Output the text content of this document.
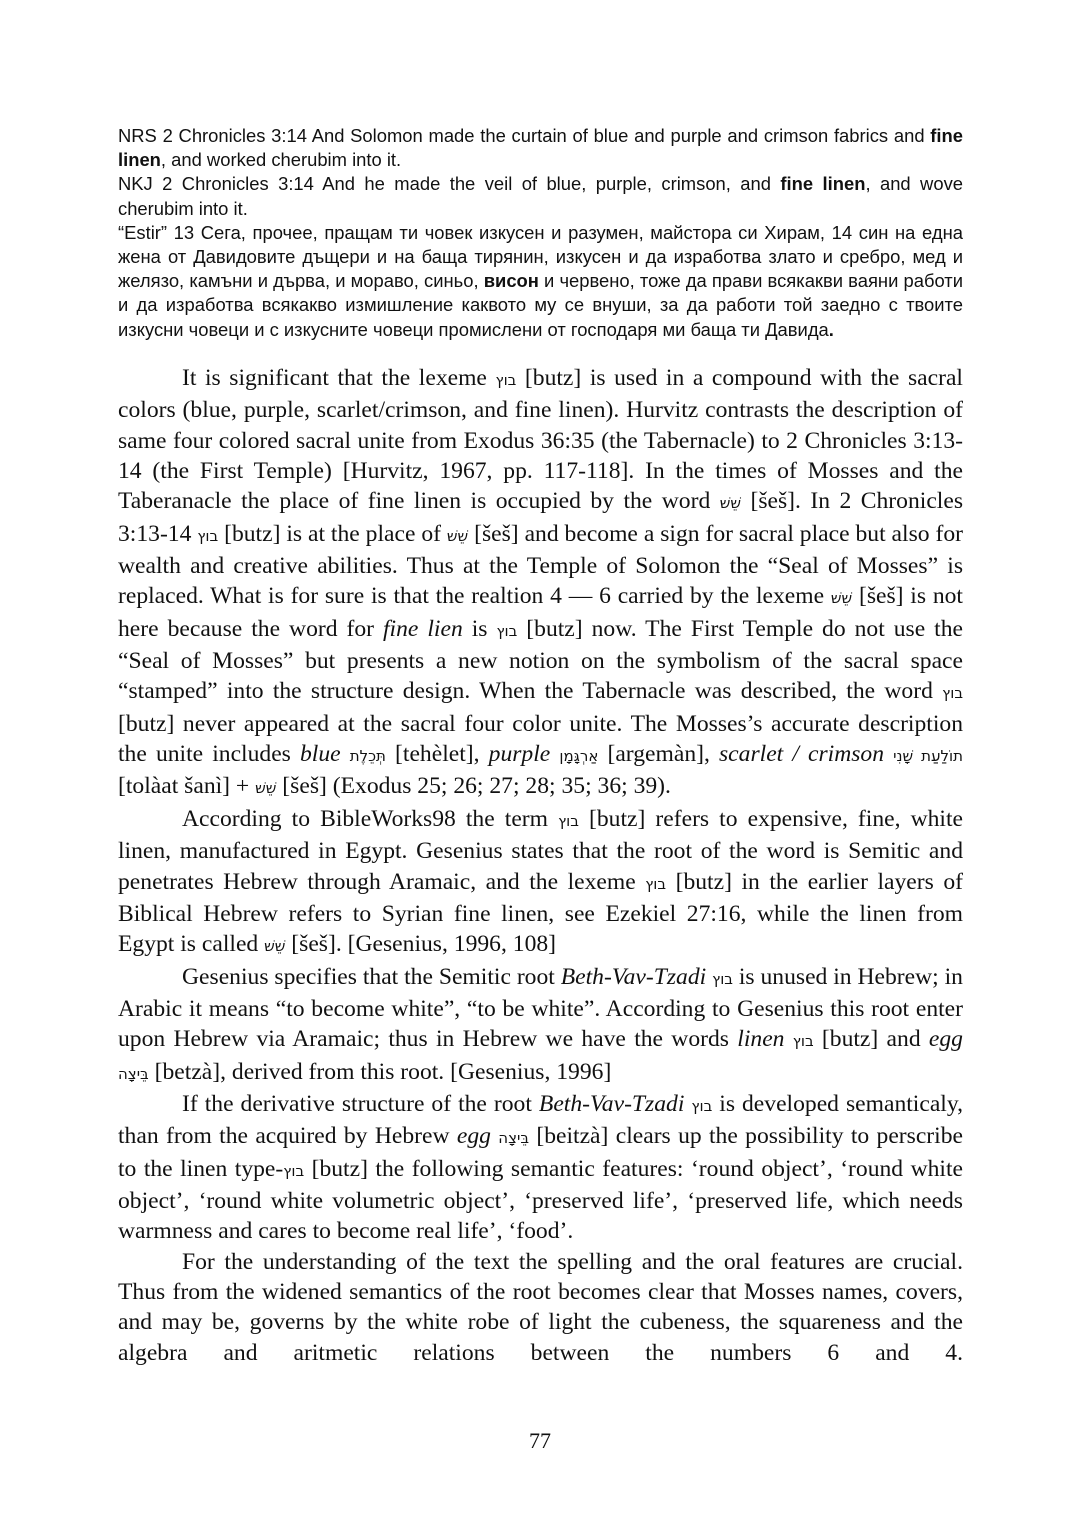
NRS 2 Chronicles 3:14 And Solomon made the curtain of blue and purple and crimson fabrics and fine linen, and worked cherubim into it.

NKJ 2 Chronicles 3:14 And he made the veil of blue, purple, crimson, and fine linen, and wove cherubim into it.

“Estir” 13 Сега, прочее, пращам ти човек изкусен и разумен, майстора си Хирам, 14 син на една жена от Давидовите дъщери и на баща тирянин, изкусен и да изработва злато и сребро, мед и желязо, камъни и дърва, и мораво, синьо, висон и червено, тоже да прави всякакви ваяни работи и да изработва всякакво измишление каквото му се внуши, за да работи той заедно с твоите изкусни човеци и с изкусните човеци промислени от господаря ми баща ти Давида.

It is significant that the lexeme בוץ [butz] is used in a compound with the sacral colors (blue, purple, scarlet/crimson, and fine linen). Hurvitz contrasts the description of same four colored sacral unite from Exodus 36:35 (the Tabernacle) to 2 Chronicles 3:13-14 (the First Temple) [Hurvitz, 1967, pp. 117-118]. In the times of Mosses and the Taberanacle the place of fine linen is occupied by the word שֵׁשׁ [šeš]. In 2 Chronicles 3:13-14 בוץ [butz] is at the place of שֵׁשׁ [šeš] and become a sign for sacral place but also for wealth and creative abilities. Thus at the Temple of Solomon the “Seal of Mosses” is replaced. What is for sure is that the realtion 4 — 6 carried by the lexeme שֵׁשׁ [šeš] is not here because the word for fine lien is בוץ [butz] now. The First Temple do not use the “Seal of Mosses” but presents a new notion on the symbolism of the sacral space “stamped” into the structure design. When the Tabernacle was described, the word בוץ [butz] never appeared at the sacral four color unite. The Mosses’s accurate description the unite includes blue תְּכֵלֶת [tehèlet], purple אַרְגָּמָן [argemàn], scarlet / crimson תוֹלַעַת שָׁנִי [tolàat šanì] + שֵׁשׁ [šeš] (Exodus 25; 26; 27; 28; 35; 36; 39).

According to BibleWorks98 the term בוץ [butz] refers to expensive, fine, white linen, manufactured in Egypt. Gesenius states that the root of the word is Semitic and penetrates Hebrew through Aramaic, and the lexeme בוץ [butz] in the earlier layers of Biblical Hebrew refers to Syrian fine linen, see Ezekiel 27:16, while the linen from Egypt is called שֵׁשׁ [šeš]. [Gesenius, 1996, 108]

Gesenius specifies that the Semitic root Beth-Vav-Tzadi בוץ is unused in Hebrew; in Arabic it means “to become white”, “to be white”. According to Gesenius this root enter upon Hebrew via Aramaic; thus in Hebrew we have the words linen בוץ [butz] and egg בֵּיצָה [betzà], derived from this root. [Gesenius, 1996]

If the derivative structure of the root Beth-Vav-Tzadi בוץ is developed semanticaly, than from the acquired by Hebrew egg בֵּיצָה [beitzà] clears up the possibility to perscribe to the linen type-בוץ [butz] the following semantic features: ‘round object’, ‘round white object’, ‘round white volumetric object’, ‘preserved life’, ‘preserved life, which needs warmness and cares to become real life’, ‘food’.

For the understanding of the text the spelling and the oral features are crucial. Thus from the widened semantics of the root becomes clear that Mosses names, covers, and may be, governs by the white robe of light the cubeness, the squareness and the algebra and aritmetic relations between the numbers 6 and 4.

77
